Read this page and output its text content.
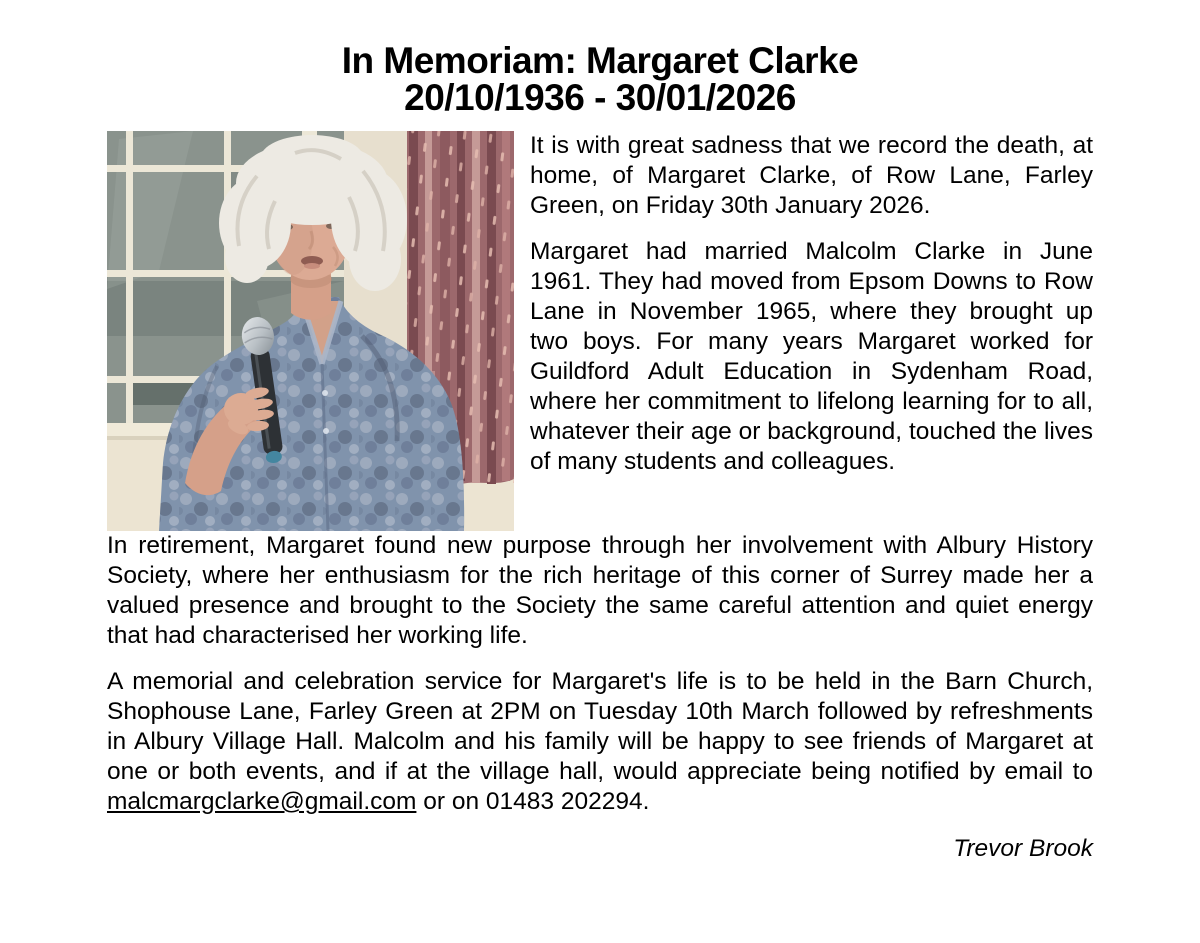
In Memoriam: Margaret Clarke
20/10/1936 - 30/01/2026

It is with great sadness that we record the death, at home, of Margaret Clarke, of Row Lane, Farley Green, on Friday 30th January 2026.

Margaret had married Malcolm Clarke in June 1961. They had moved from Epsom Downs to Row Lane in November 1965, where they brought up two boys. For many years Margaret worked for Guildford Adult Education in Sydenham Road, where her commitment to lifelong learning for to all, whatever their age or background, touched the lives of many students and colleagues.

In retirement, Margaret found new purpose through her involvement with Albury History Society, where her enthusiasm for the rich heritage of this corner of Surrey made her a valued presence and brought to the Society the same careful attention and quiet energy that had characterised her working life.

A memorial and celebration service for Margaret's life is to be held in the Barn Church, Shophouse Lane, Farley Green at 2PM on Tuesday 10th March followed by refreshments in Albury Village Hall. Malcolm and his family will be happy to see friends of Margaret at one or both events, and if at the village hall, would appreciate being notified by email to malcmargclarke@gmail.com or on 01483 202294.

Trevor Brook
